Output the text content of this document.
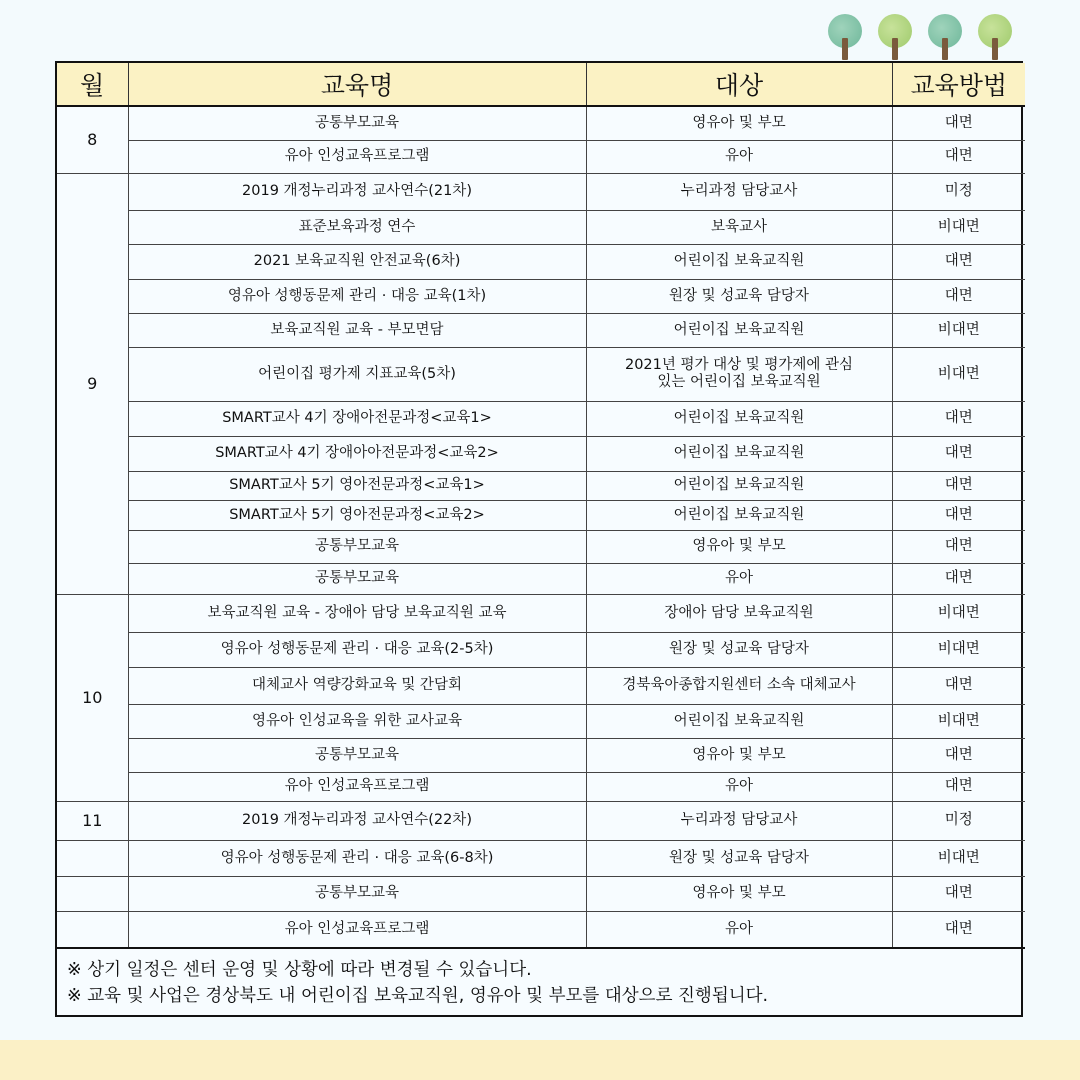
월	교육명	대상	교육방법
8	공통부모교육	영유아 및 부모	대면
	유아 인성교육프로그램	유아	대면
9	2019 개정누리과정 교사연수(21차)	누리과정 담당교사	미정
	표준보육과정 연수	보육교사	비대면
	2021 보육교직원 안전교육(6차)	어린이집 보육교직원	대면
	영유아 성행동문제 관리 · 대응 교육(1차)	원장 및 성교육 담당자	대면
	보육교직원 교육 - 부모면담	어린이집 보육교직원	비대면
	어린이집 평가제 지표교육(5차)	2021년 평가 대상 및 평가제에 관심
있는 어린이집 보육교직원	비대면
	SMART교사 4기 장애아전문과정<교육1>	어린이집 보육교직원	대면
	SMART교사 4기 장애아아전문과정<교육2>	어린이집 보육교직원	대면
	SMART교사 5기 영아전문과정<교육1>	어린이집 보육교직원	대면
	SMART교사 5기 영아전문과정<교육2>	어린이집 보육교직원	대면
	공통부모교육	영유아 및 부모	대면
	공통부모교육	유아	대면
10	보육교직원 교육 - 장애아 담당 보육교직원 교육	장애아 담당 보육교직원	비대면
	영유아 성행동문제 관리 · 대응 교육(2-5차)	원장 및 성교육 담당자	비대면
	대체교사 역량강화교육 및 간담회	경북육아종합지원센터 소속 대체교사	대면
	영유아 인성교육을 위한 교사교육	어린이집 보육교직원	비대면
	공통부모교육	영유아 및 부모	대면
	유아 인성교육프로그램	유아	대면
11	2019 개정누리과정 교사연수(22차)	누리과정 담당교사	미정
	영유아 성행동문제 관리 · 대응 교육(6-8차)	원장 및 성교육 담당자	비대면
	공통부모교육	영유아 및 부모	대면
	유아 인성교육프로그램	유아	대면
※ 상기 일정은 센터 운영 및 상황에 따라 변경될 수 있습니다.
※ 교육 및 사업은 경상북도 내 어린이집 보육교직원, 영유아 및 부모를 대상으로 진행됩니다.
